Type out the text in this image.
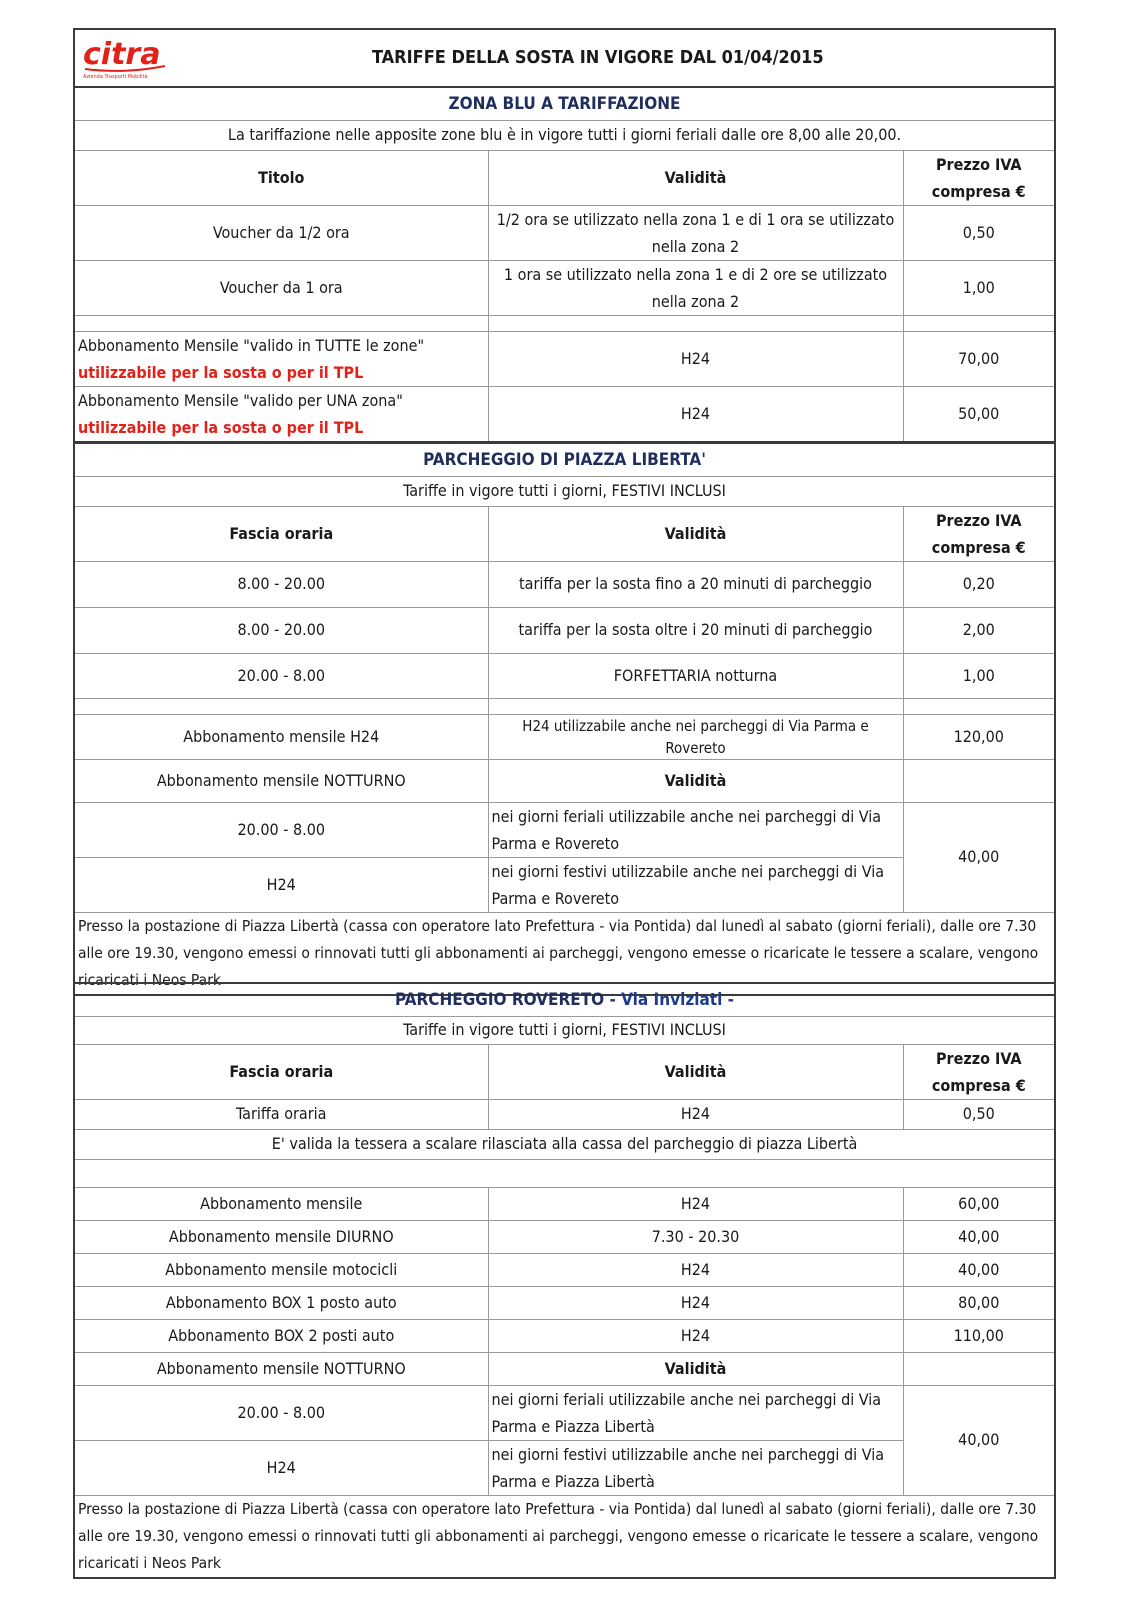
citra
Azienda Trasporti Mobilità	TARIFFE DELLA SOSTA IN VIGORE DAL 01/04/2015	
ZONA BLU A TARIFFAZIONE		
La tariffazione nelle apposite zone blu è in vigore tutti i giorni feriali dalle ore 8,00 alle 20,00.		
Titolo	Validità	Prezzo IVA
compresa €
Voucher da 1/2 ora	1/2 ora se utilizzato nella zona 1 e di 1 ora se utilizzato nella zona 2	0,50
Voucher da 1 ora	1 ora se utilizzato nella zona 1 e di 2 ore se utilizzato nella zona 2	1,00

Abbonamento Mensile "valido in TUTTE le zone" utilizzabile per la sosta o per il TPL	H24	70,00
Abbonamento Mensile "valido per UNA zona"  utilizzabile per la sosta o per il TPL	H24	50,00
PARCHEGGIO DI PIAZZA LIBERTA'		
Tariffe in vigore tutti i giorni, FESTIVI INCLUSI		
Fascia oraria	Validità	Prezzo IVA
compresa €
8.00 - 20.00	tariffa per la sosta fino a 20 minuti di parcheggio	0,20
8.00 - 20.00	tariffa per la sosta oltre i 20 minuti di parcheggio	2,00
20.00 - 8.00	FORFETTARIA notturna	1,00

Abbonamento mensile H24	H24 utilizzabile anche nei parcheggi di Via Parma e Rovereto	120,00
Abbonamento mensile NOTTURNO	Validità	
20.00 - 8.00	nei giorni feriali utilizzabile anche nei parcheggi di Via Parma e Rovereto	40,00
H24	nei giorni festivi utilizzabile anche nei parcheggi di Via Parma e Rovereto	
Presso la postazione di Piazza Libertà (cassa con operatore lato Prefettura - via Pontida) dal lunedì al sabato (giorni feriali), dalle ore 7.30 alle ore 19.30, vengono emessi o rinnovati tutti gli abbonamenti ai parcheggi, vengono emesse o ricaricate le tessere a scalare, vengono ricaricati i Neos Park		
PARCHEGGIO ROVERETO - Via Inviziati -		
Tariffe in vigore tutti i giorni, FESTIVI INCLUSI		
Fascia oraria	Validità	Prezzo IVA
compresa €
Tariffa oraria	H24	0,50
E' valida la tessera a scalare rilasciata alla cassa del parcheggio di piazza Libertà		

Abbonamento mensile	H24	60,00
Abbonamento mensile DIURNO	7.30 - 20.30	40,00
Abbonamento mensile motocicli	H24	40,00
Abbonamento BOX 1 posto auto	H24	80,00
Abbonamento BOX 2 posti auto	H24	110,00
Abbonamento mensile NOTTURNO	Validità	
20.00 - 8.00	nei giorni feriali utilizzabile anche nei parcheggi di Via Parma e Piazza Libertà	40,00
H24	nei giorni festivi utilizzabile anche nei parcheggi di Via Parma e Piazza Libertà	
Presso la postazione di Piazza Libertà (cassa con operatore lato Prefettura - via Pontida) dal lunedì al sabato (giorni feriali), dalle ore 7.30 alle ore 19.30, vengono emessi o rinnovati tutti gli abbonamenti ai parcheggi, vengono emesse o ricaricate le tessere a scalare, vengono ricaricati i Neos Park		
